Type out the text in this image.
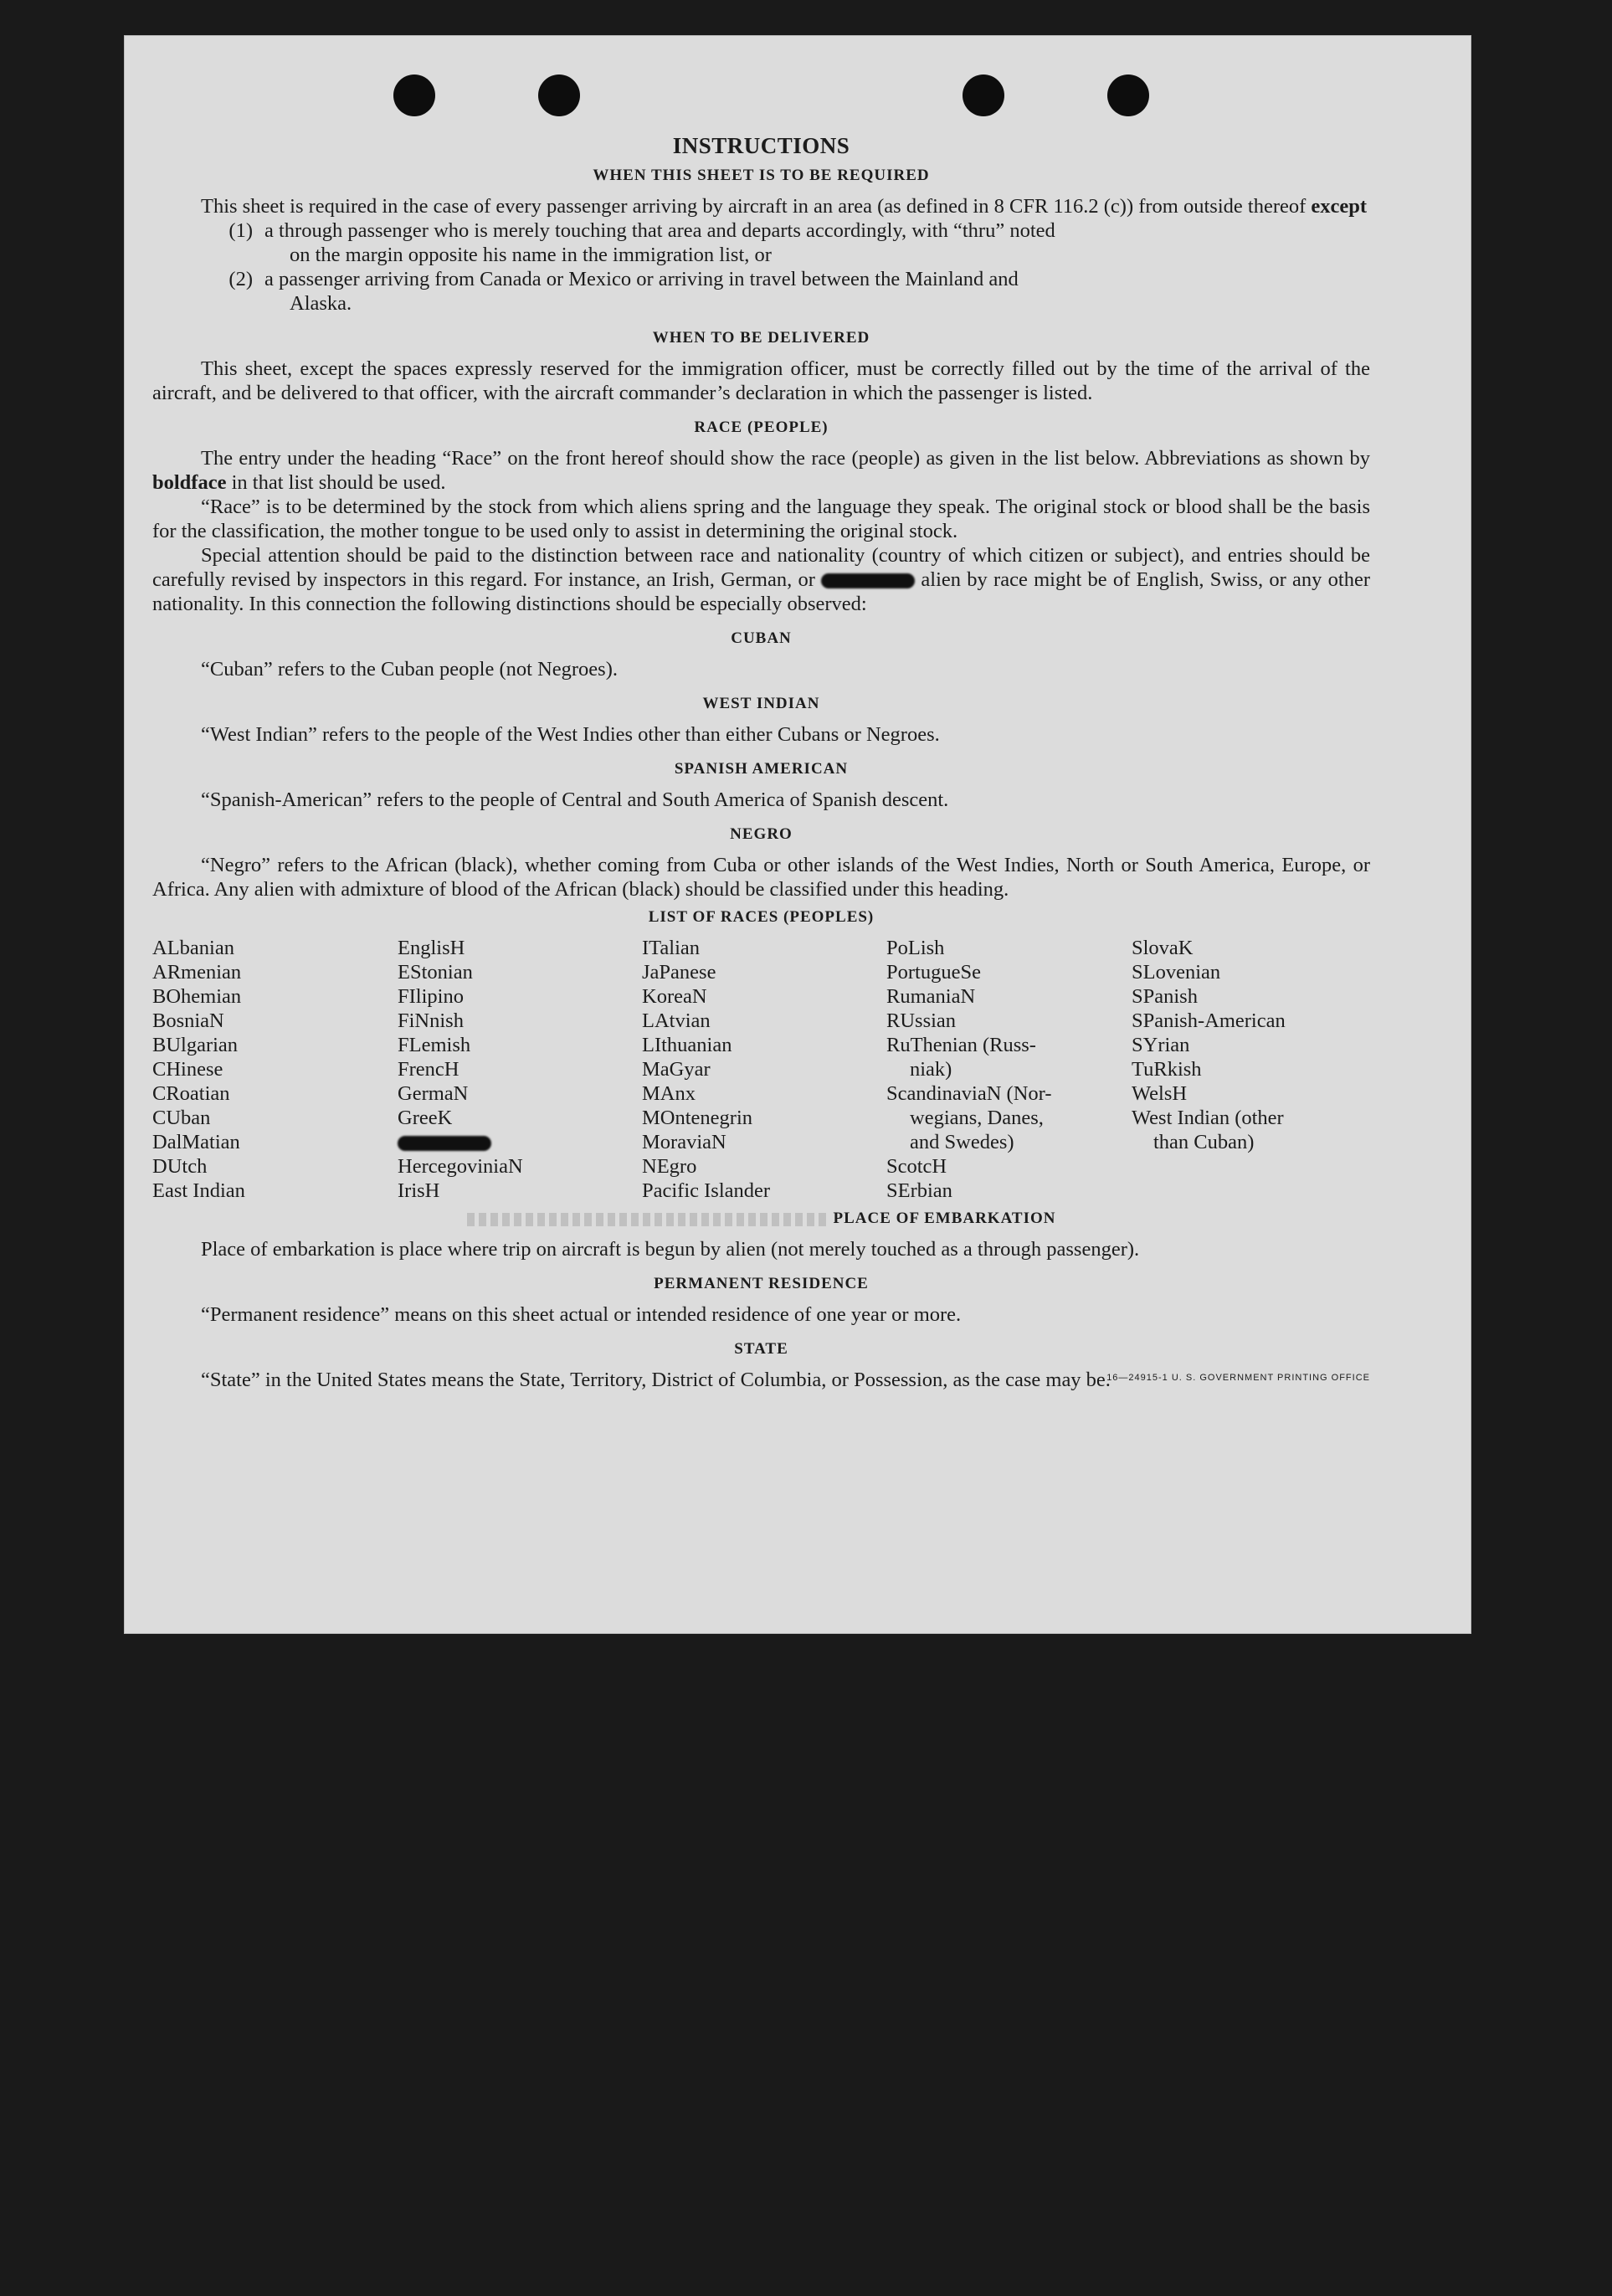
INSTRUCTIONS
WHEN THIS SHEET IS TO BE REQUIRED

This sheet is required in the case of every passenger arriving by aircraft in an area (as defined in 8 CFR 116.2 (c)) from outside thereof except

(1) a through passenger who is merely touching that area and departs accordingly, with “thru” noted
on the margin opposite his name in the immigration list, or
(2) a passenger arriving from Canada or Mexico or arriving in travel between the Mainland and
Alaska.
WHEN TO BE DELIVERED

This sheet, except the spaces expressly reserved for the immigration officer, must be correctly filled out by the time of the arrival of the aircraft, and be delivered to that officer, with the aircraft commander’s declaration in which the passenger is listed.

RACE (PEOPLE)

The entry under the heading “Race” on the front hereof should show the race (people) as given in the list below. Abbreviations as shown by boldface in that list should be used.

“Race” is to be determined by the stock from which aliens spring and the language they speak. The original stock or blood shall be the basis for the classification, the mother tongue to be used only to assist in determining the original stock.

Special attention should be paid to the distinction between race and nationality (country of which citizen or subject), and entries should be carefully revised by inspectors in this regard. For instance, an Irish, German, or	alien by race might be of English, Swiss, or any other nationality. In this connection the following distinctions should be especially observed:

CUBAN

“Cuban” refers to the Cuban people (not Negroes).

WEST INDIAN

“West Indian” refers to the people of the West Indies other than either Cubans or Negroes.

SPANISH AMERICAN

“Spanish-American” refers to the people of Central and South America of Spanish descent.

NEGRO

“Negro” refers to the African (black), whether coming from Cuba or other islands of the West Indies, North or South America, Europe, or Africa. Any alien with admixture of blood of the African (black) should be classified under this heading.

LIST OF RACES (PEOPLES)
ALbanian
ARmenian
BOhemian
BosniaN
BUlgarian
CHinese
CRoatian
CUban
DalMatian
DUtch
East Indian
EnglisH
EStonian
FIlipino
FiNnish
FLemish
FrencH
GermaN
GreeK
HercegoviniaN
IrisH
ITalian
JaPanese
KoreaN
LAtvian
LIthuanian
MaGyar
MAnx
MOntenegrin
MoraviaN
NEgro
Pacific Islander
PoLish
PortugueSe
RumaniaN
RUssian
RuThenian (Russ-
niak)
ScandinaviaN (Nor-
wegians, Danes,
and Swedes)
ScotcH
SErbian
SlovaK
SLovenian
SPanish
SPanish-American
SYrian
TuRkish
WelsH
West Indian (other
than Cuban)
PLACE OF EMBARKATION

Place of embarkation is place where trip on aircraft is begun by alien (not merely touched as a through passenger).

PERMANENT RESIDENCE

“Permanent residence” means on this sheet actual or intended residence of one year or more.

STATE

“State” in the United States means the State, Territory, District of Columbia, or Possession, as the case may be.

16—24915-1 U. S. GOVERNMENT PRINTING OFFICE
